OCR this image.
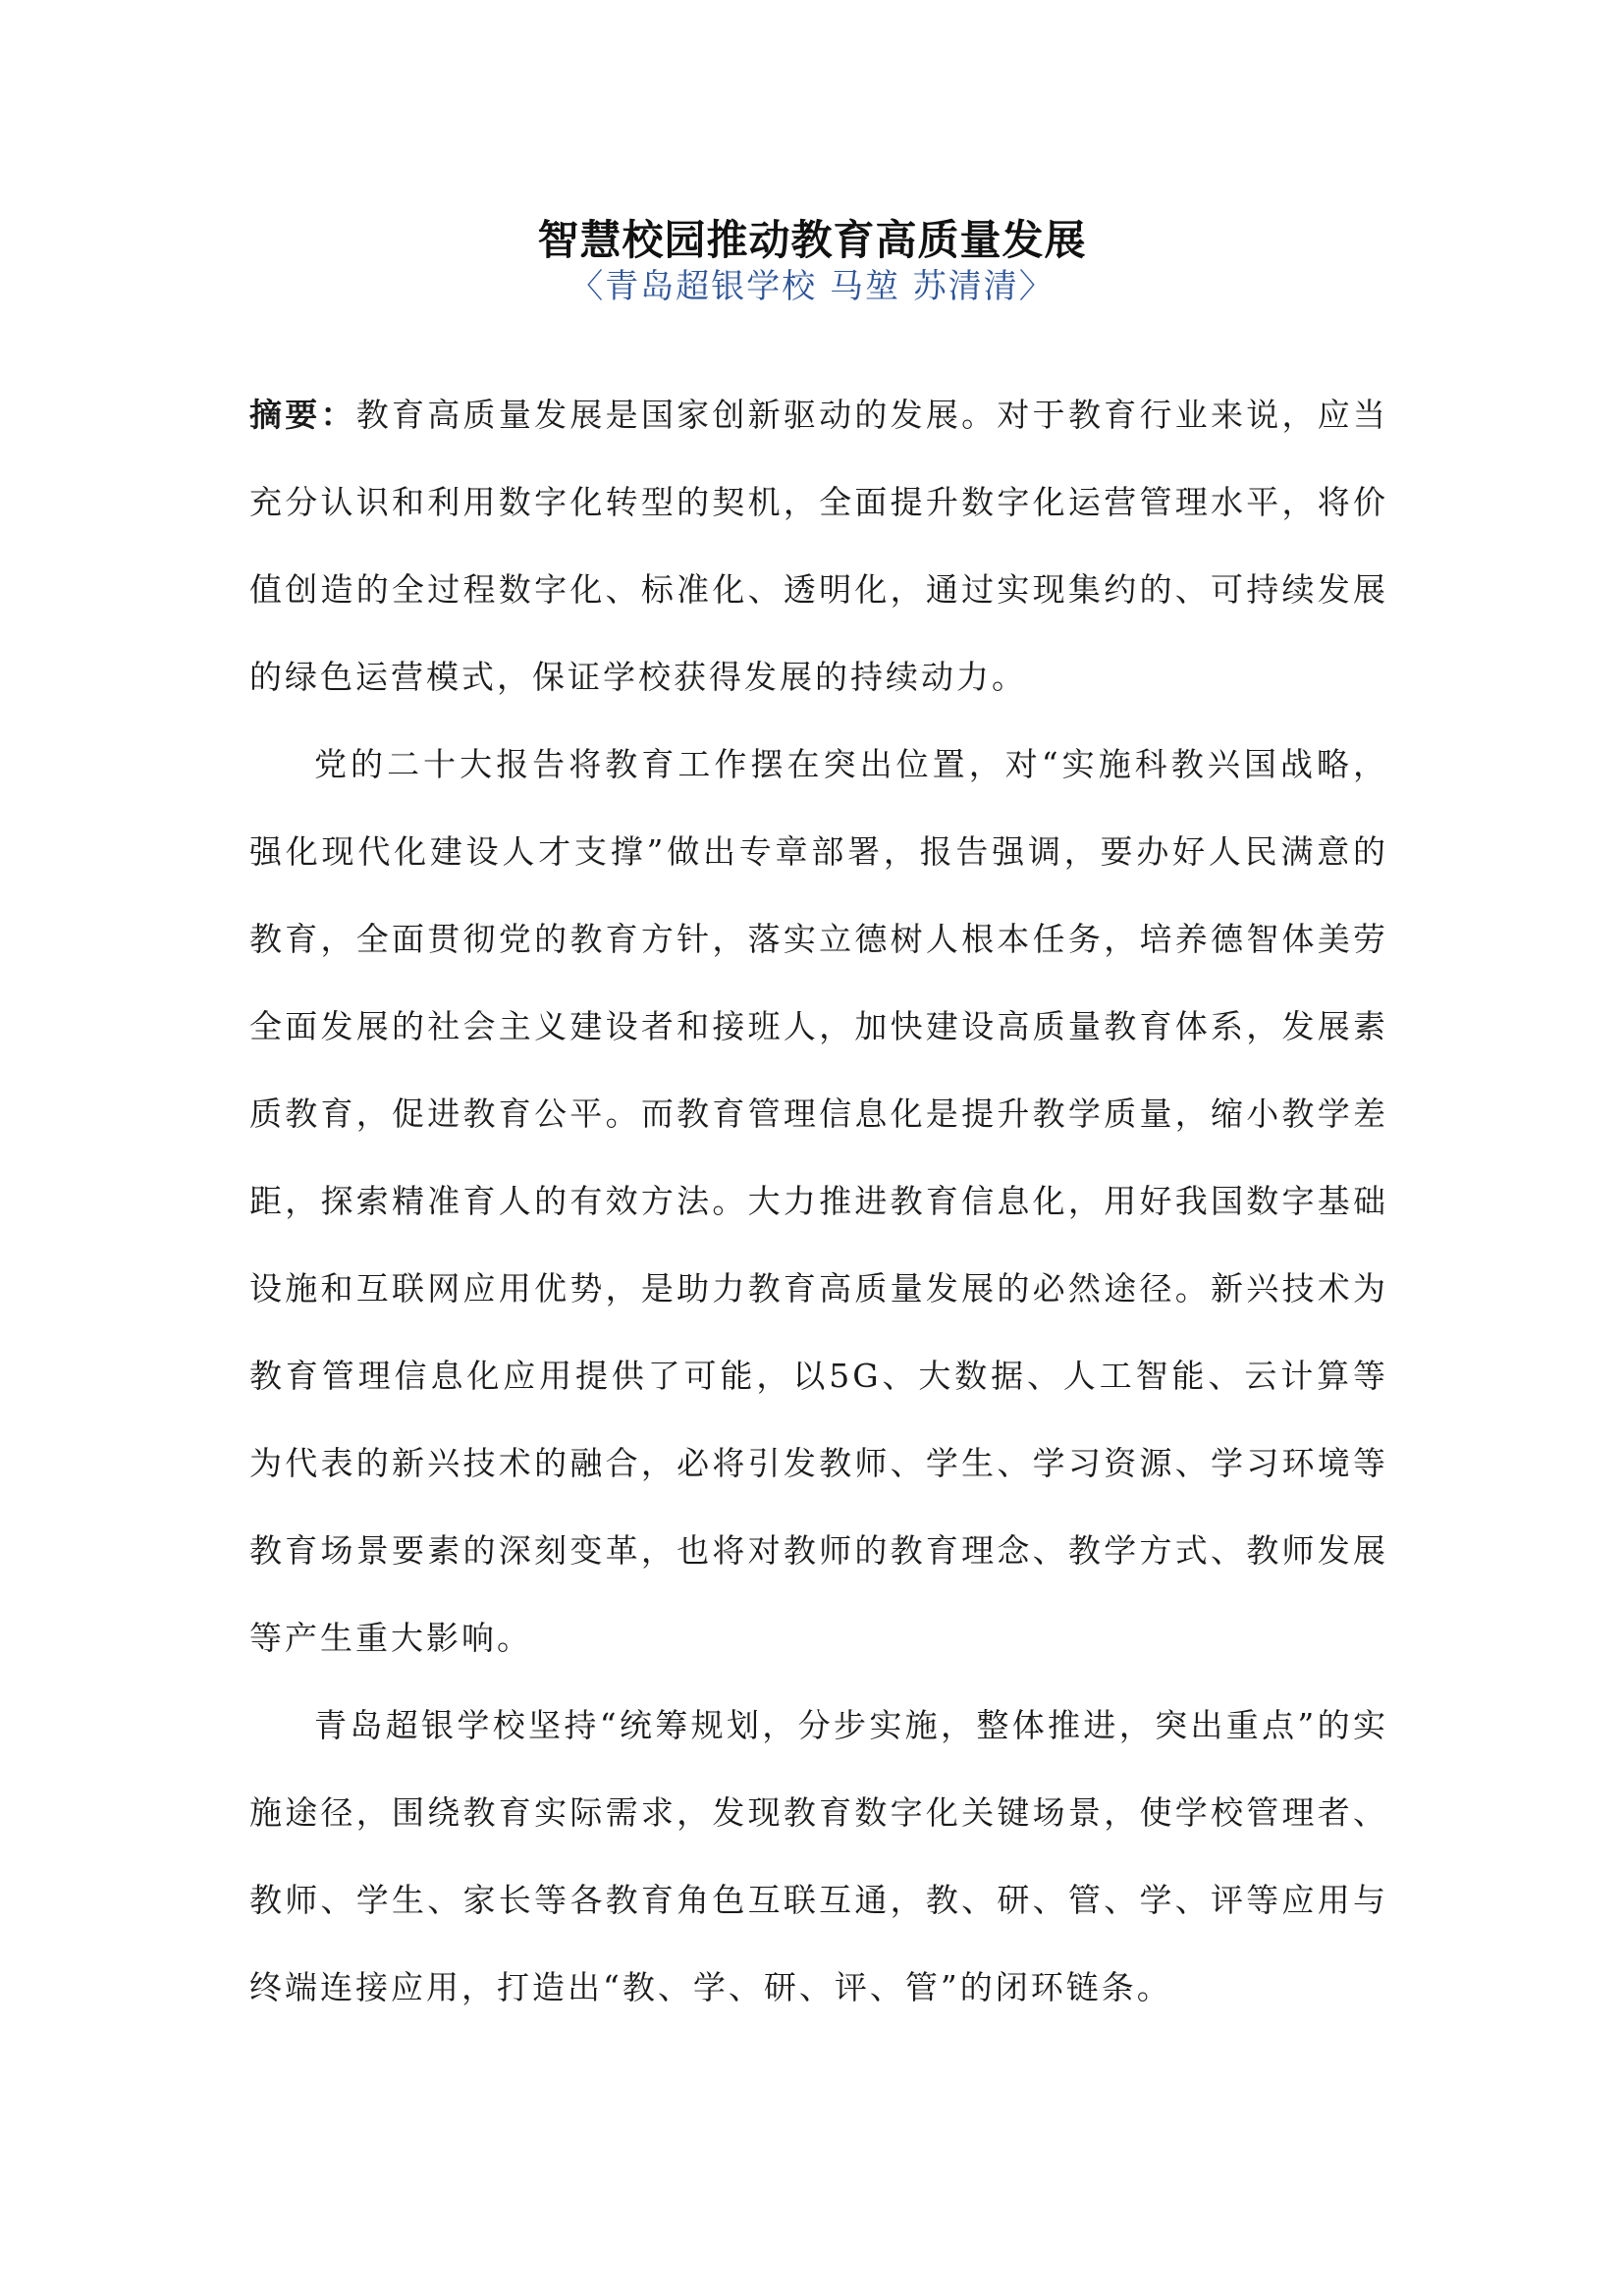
智慧校园推动教育高质量发展

〈青岛超银学校 马堃 苏清清〉

摘要：教育高质量发展是国家创新驱动的发展。对于教育行业来说，应当充分认识和利用数字化转型的契机，全面提升数字化运营管理水平，将价值创造的全过程数字化、标准化、透明化，通过实现集约的、可持续发展的绿色运营模式，保证学校获得发展的持续动力。

党的二十大报告将教育工作摆在突出位置，对“实施科教兴国战略，强化现代化建设人才支撑”做出专章部署，报告强调，要办好人民满意的教育，全面贯彻党的教育方针，落实立德树人根本任务，培养德智体美劳全面发展的社会主义建设者和接班人，加快建设高质量教育体系，发展素质教育，促进教育公平。而教育管理信息化是提升教学质量，缩小教学差距，探索精准育人的有效方法。大力推进教育信息化，用好我国数字基础设施和互联网应用优势，是助力教育高质量发展的必然途径。新兴技术为教育管理信息化应用提供了可能，以5G、大数据、人工智能、云计算等为代表的新兴技术的融合，必将引发教师、学生、学习资源、学习环境等教育场景要素的深刻变革，也将对教师的教育理念、教学方式、教师发展等产生重大影响。

青岛超银学校坚持“统筹规划，分步实施，整体推进，突出重点”的实施途径，围绕教育实际需求，发现教育数字化关键场景，使学校管理者、教师、学生、家长等各教育角色互联互通，教、研、管、学、评等应用与终端连接应用，打造出“教、学、研、评、管”的闭环链条。
